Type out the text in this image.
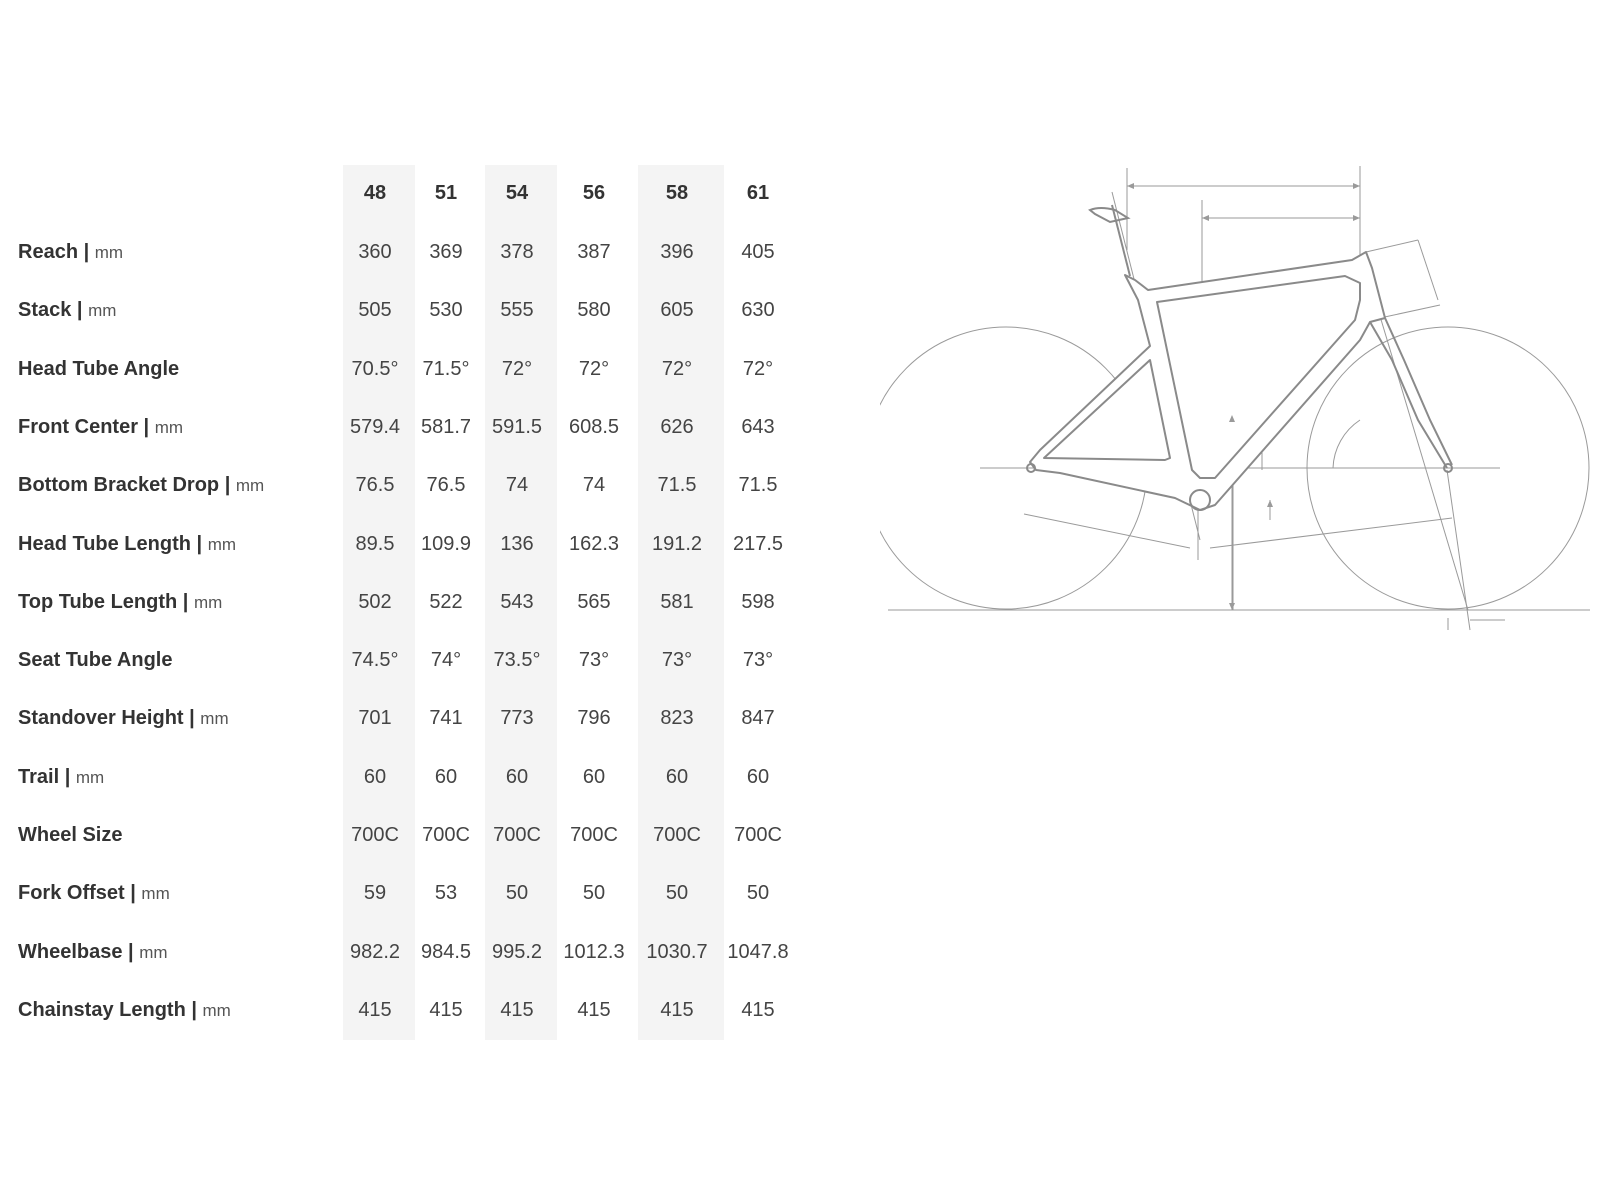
48	51	54	56	58	61
Reach | mm	360	369	378	387	396	405
Stack | mm	505	530	555	580	605	630
Head Tube Angle	70.5°	71.5°	72°	72°	72°	72°
Front Center | mm	579.4	581.7	591.5	608.5	626	643
Bottom Bracket Drop | mm	76.5	76.5	74	74	71.5	71.5
Head Tube Length | mm	89.5	109.9	136	162.3	191.2	217.5
Top Tube Length | mm	502	522	543	565	581	598
Seat Tube Angle	74.5°	74°	73.5°	73°	73°	73°
Standover Height | mm	701	741	773	796	823	847
Trail | mm	60	60	60	60	60	60
Wheel Size	700C	700C	700C	700C	700C	700C
Fork Offset | mm	59	53	50	50	50	50
Wheelbase | mm	982.2	984.5	995.2	1012.3	1030.7 1047.8
Chainstay Length | mm	415	415	415	415	415	415
